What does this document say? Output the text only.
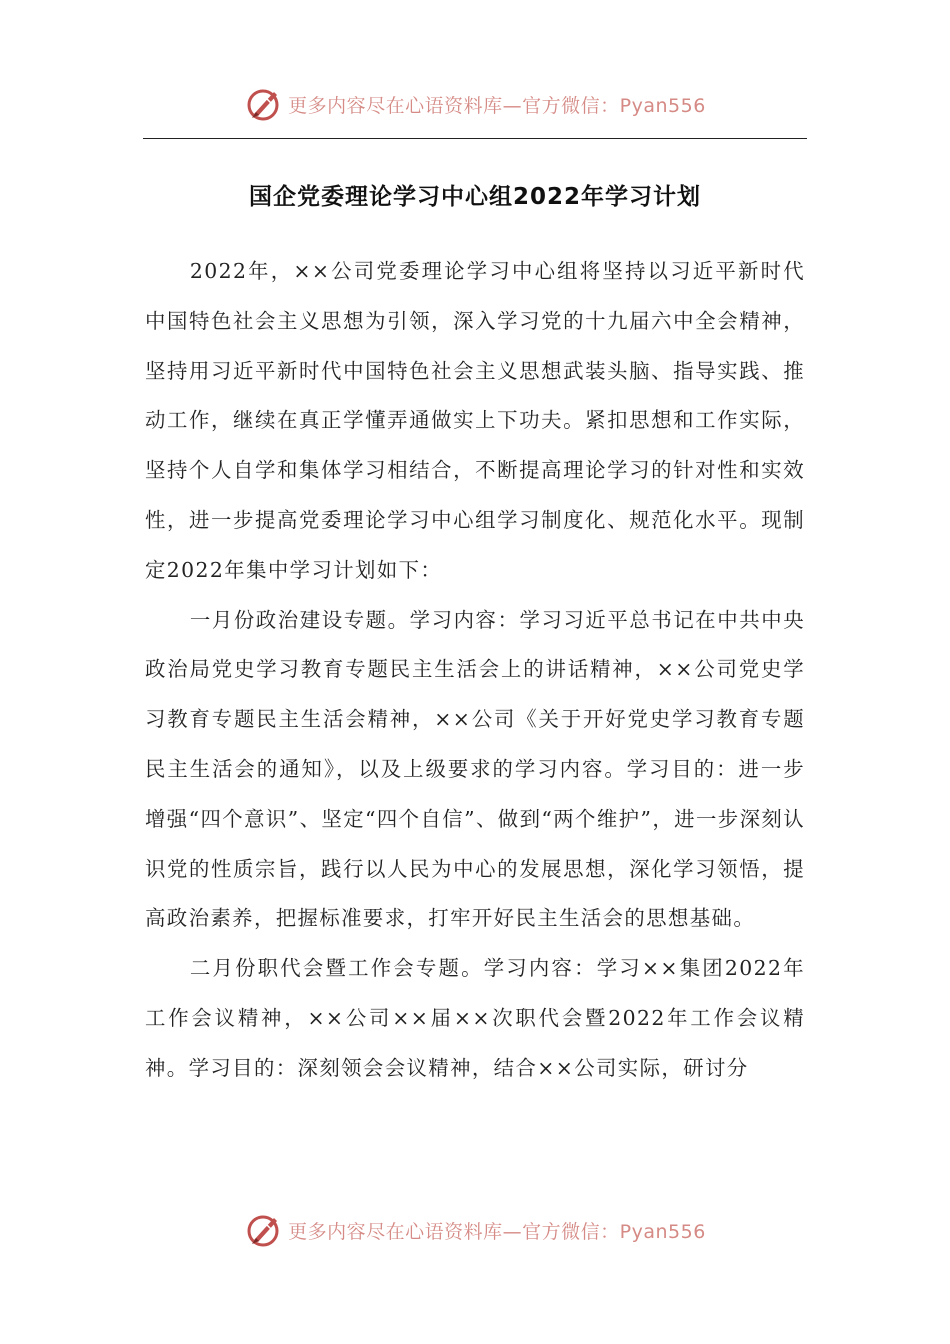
更多内容尽在心语资料库—官方微信：Pyan556
国企党委理论学习中心组2022年学习计划

2022年，××公司党委理论学习中心组将坚持以习近平新时代中国特色社会主义思想为引领，深入学习党的十九届六中全会精神，坚持用习近平新时代中国特色社会主义思想武装头脑、指导实践、推动工作，继续在真正学懂弄通做实上下功夫。紧扣思想和工作实际，坚持个人自学和集体学习相结合，不断提高理论学习的针对性和实效性，进一步提高党委理论学习中心组学习制度化、规范化水平。现制定2022年集中学习计划如下：

一月份政治建设专题。学习内容：学习习近平总书记在中共中央政治局党史学习教育专题民主生活会上的讲话精神，××公司党史学习教育专题民主生活会精神，××公司《关于开好党史学习教育专题民主生活会的通知》，以及上级要求的学习内容。学习目的：进一步增强“四个意识”、坚定“四个自信”、做到“两个维护”，进一步深刻认识党的性质宗旨，践行以人民为中心的发展思想，深化学习领悟，提高政治素养，把握标准要求，打牢开好民主生活会的思想基础。

二月份职代会暨工作会专题。学习内容：学习××集团2022年工作会议精神，××公司××届××次职代会暨2022年工作会议精神。学习目的：深刻领会会议精神，结合××公司实际，研讨分

更多内容尽在心语资料库—官方微信：Pyan556
